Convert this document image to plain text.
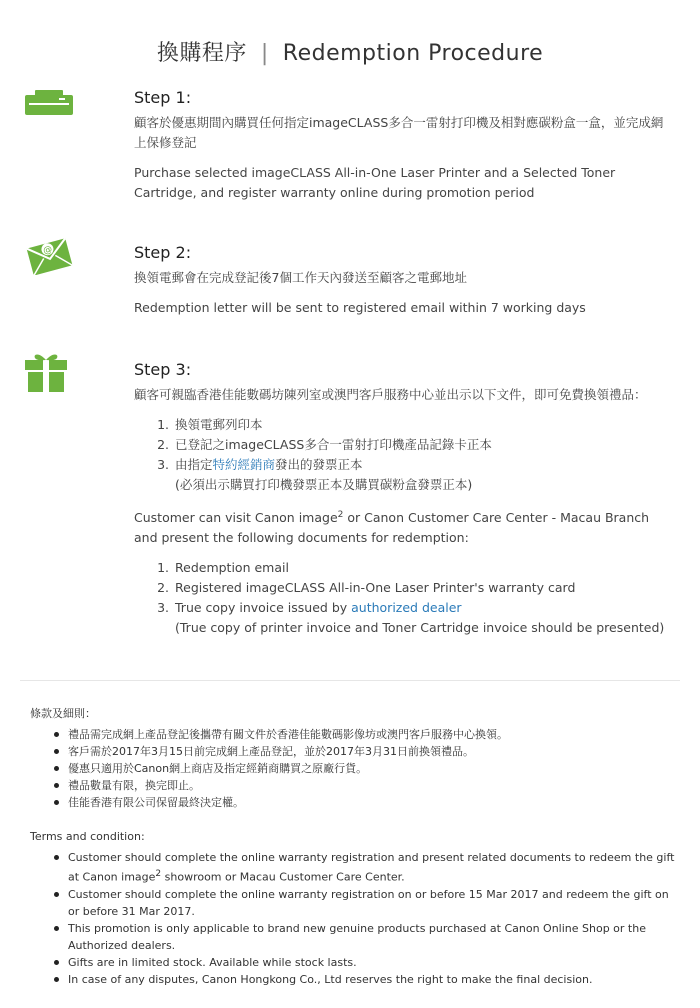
換購程序 | Redemption Procedure
Step 1:

顧客於優惠期間內購買任何指定imageCLASS多合一雷射打印機及相對應碳粉盒一盒，並完成網上保修登記

Purchase selected imageCLASS All-in-One Laser Printer and a Selected Toner Cartridge, and register warranty online during promotion period

@	Step 2:

換領電郵會在完成登記後7個工作天內發送至顧客之電郵地址

Redemption letter will be sent to registered email within 7 working days

Step 3:

顧客可親臨香港佳能數碼坊陳列室或澳門客戶服務中心並出示以下文件，即可免費換領禮品：

1. 換領電郵列印本
2. 已登記之imageCLASS多合一雷射打印機產品記錄卡正本
3. 由指定特約經銷商發出的發票正本
(必須出示購買打印機發票正本及購買碳粉盒發票正本)

Customer can visit Canon image$^2$ or Canon Customer Care Center - Macau Branch and present the following documents for redemption:

1. Redemption email
2. Registered imageCLASS All-in-One Laser Printer's warranty card
3. True copy invoice issued by authorized dealer
(True copy of printer invoice and Toner Cartridge invoice should be presented)
條款及細則：
禮品需完成網上產品登記後攜帶有關文件於香港佳能數碼影像坊或澳門客戶服務中心換領。
客戶需於2017年3月15日前完成網上產品登記，並於2017年3月31日前換領禮品。
優惠只適用於Canon網上商店及指定經銷商購買之原廠行貨。
禮品數量有限，換完即止。
佳能香港有限公司保留最終決定權。
Terms and condition:
Customer should complete the online warranty registration and present related documents to redeem the gift at Canon image$^2$ showroom or Macau Customer Care Center.
Customer should complete the online warranty registration on or before 15 Mar 2017 and redeem the gift on or before 31 Mar 2017.
This promotion is only applicable to brand new genuine products purchased at Canon Online Shop or the Authorized dealers.
Gifts are in limited stock. Available while stock lasts.
In case of any disputes, Canon Hongkong Co., Ltd reserves the right to make the final decision.
